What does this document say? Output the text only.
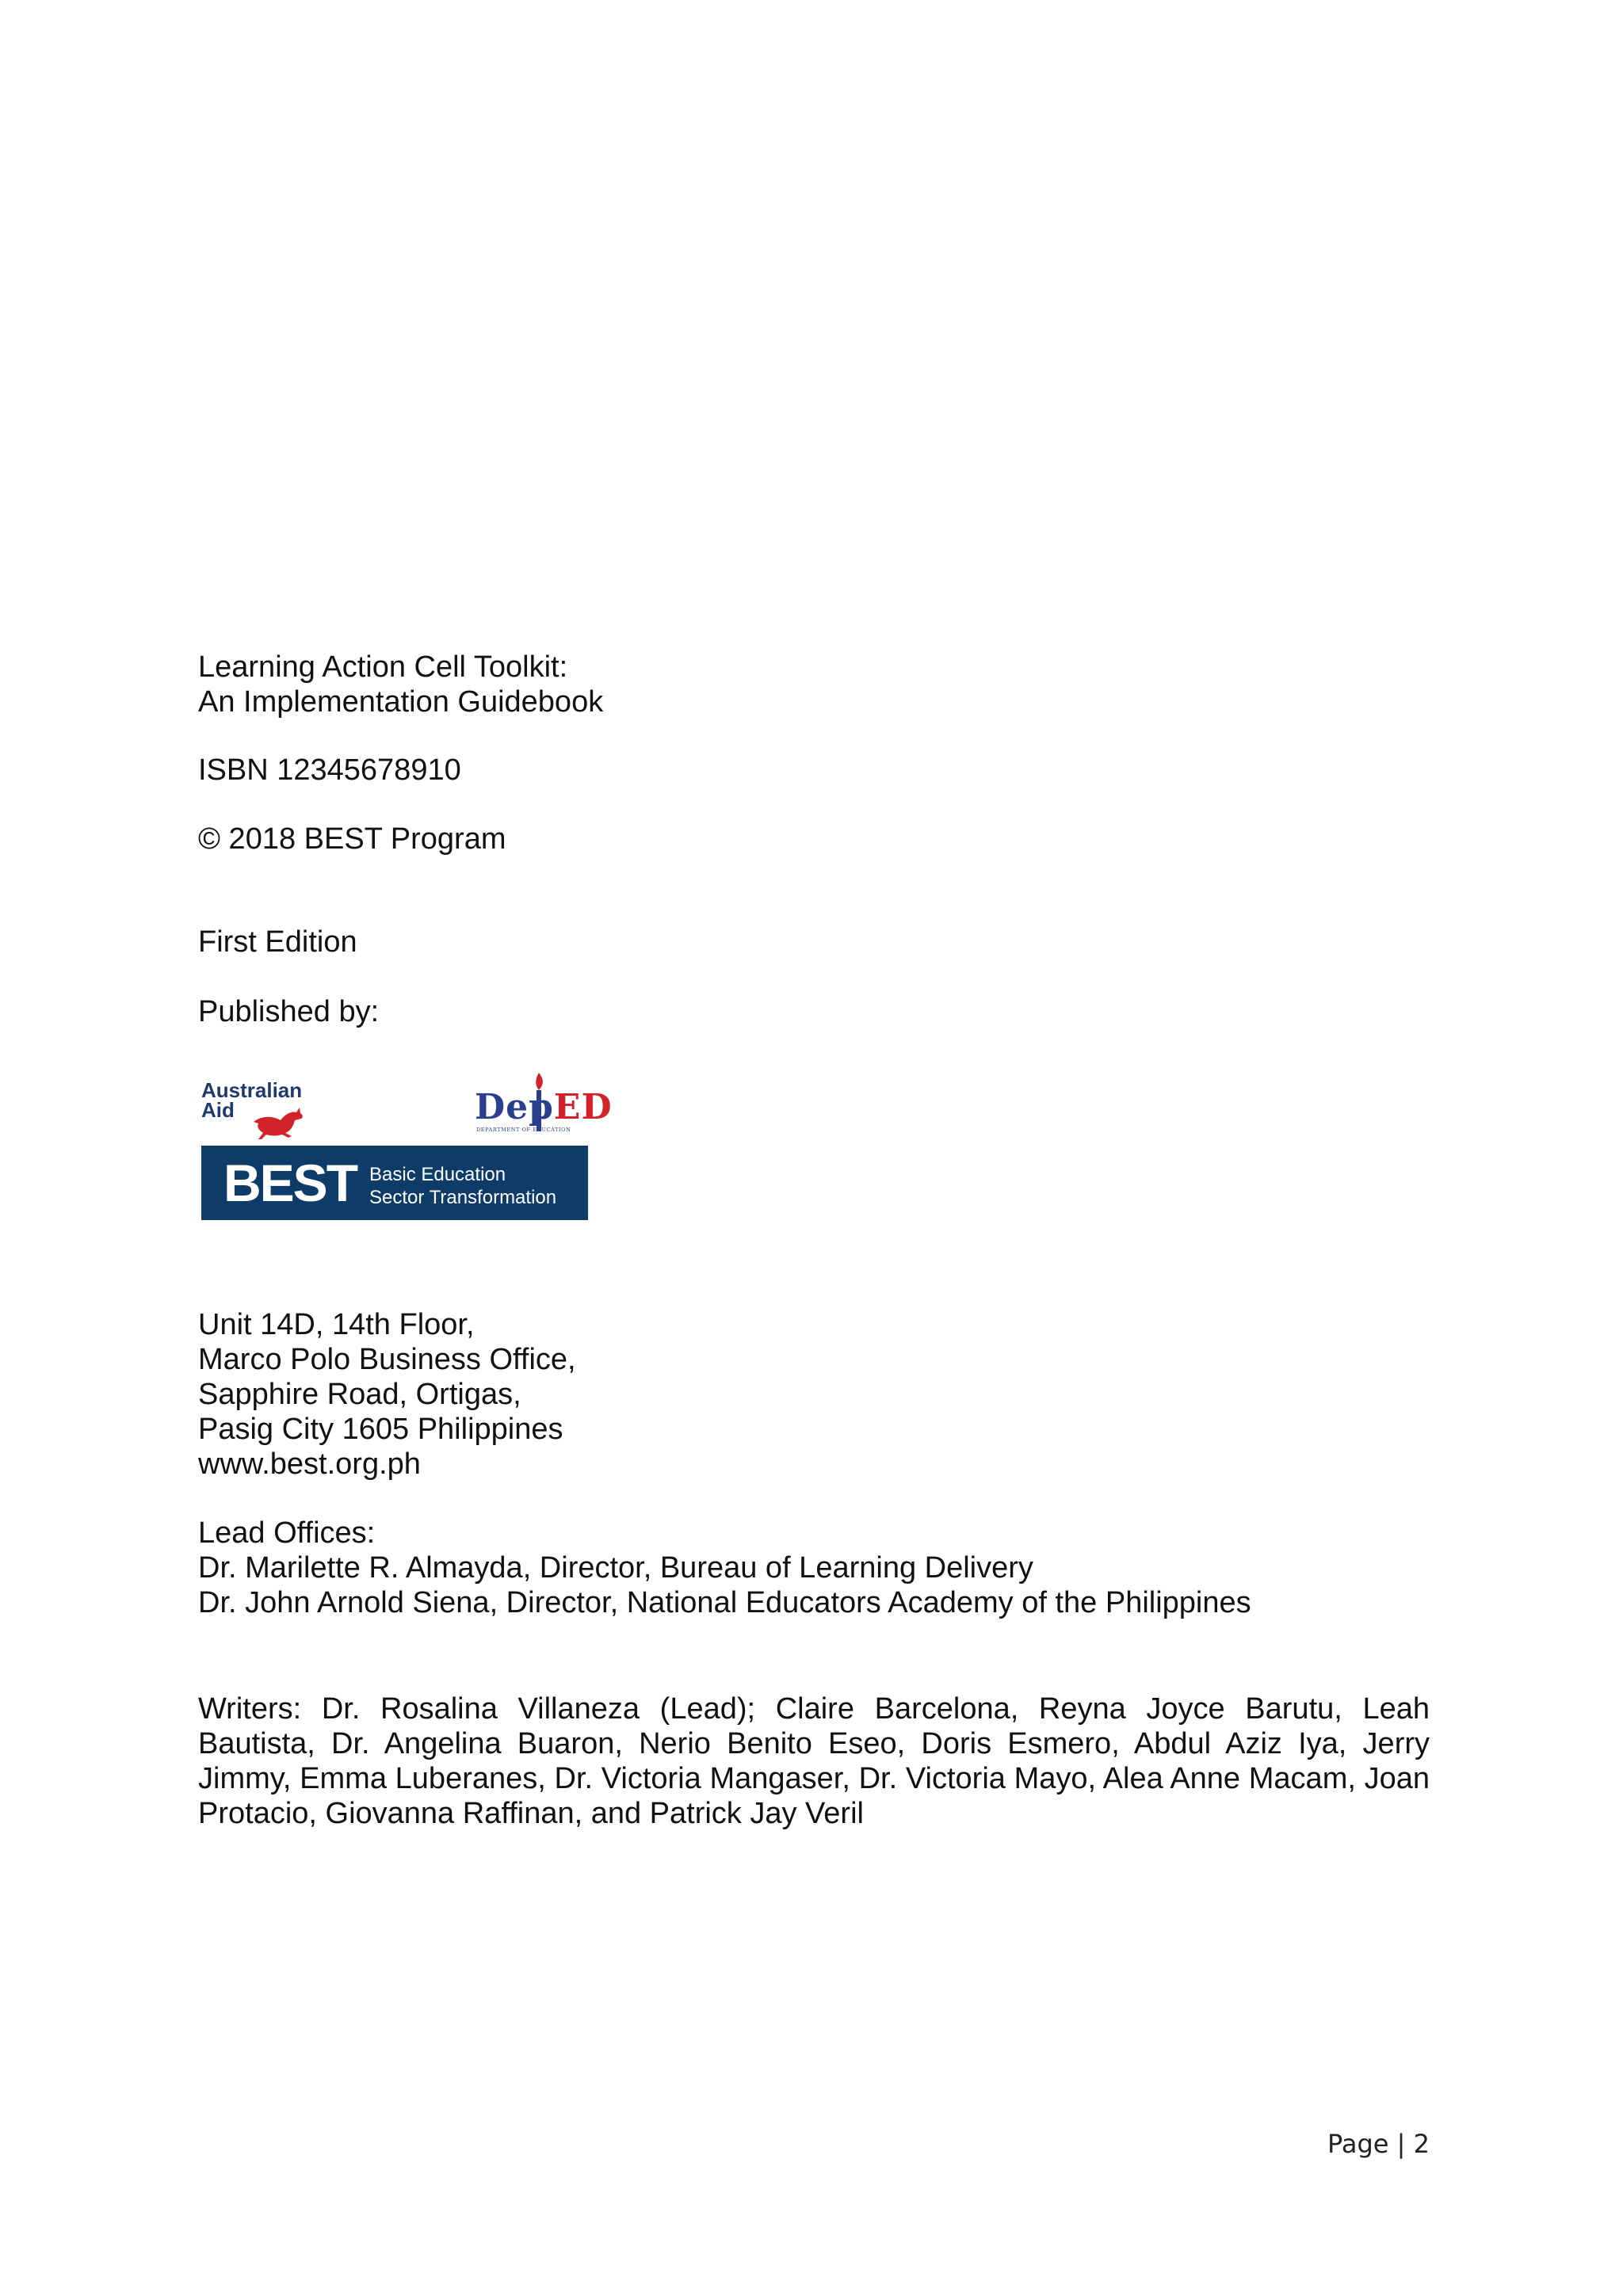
Learning Action Cell Toolkit:
An Implementation Guidebook
ISBN 12345678910
© 2018 BEST Program
First Edition
Published by:
Australian
Aid	DepED
DEPARTMENT OF EDUCATION
BEST Basic Education
Sector Transformation
Unit 14D, 14th Floor,
Marco Polo Business Office,
Sapphire Road, Ortigas,
Pasig City 1605 Philippines
www.best.org.ph
Lead Offices:
Dr. Marilette R. Almayda, Director, Bureau of Learning Delivery
Dr. John Arnold Siena, Director, National Educators Academy of the Philippines
Writers: Dr. Rosalina Villaneza (Lead); Claire Barcelona, Reyna Joyce Barutu, Leah Bautista, Dr. Angelina Buaron, Nerio Benito Eseo, Doris Esmero, Abdul Aziz Iya, Jerry Jimmy, Emma Luberanes, Dr. Victoria Mangaser, Dr. Victoria Mayo, Alea Anne Macam, Joan Protacio, Giovanna Raffinan, and Patrick Jay Veril
Page | 2
